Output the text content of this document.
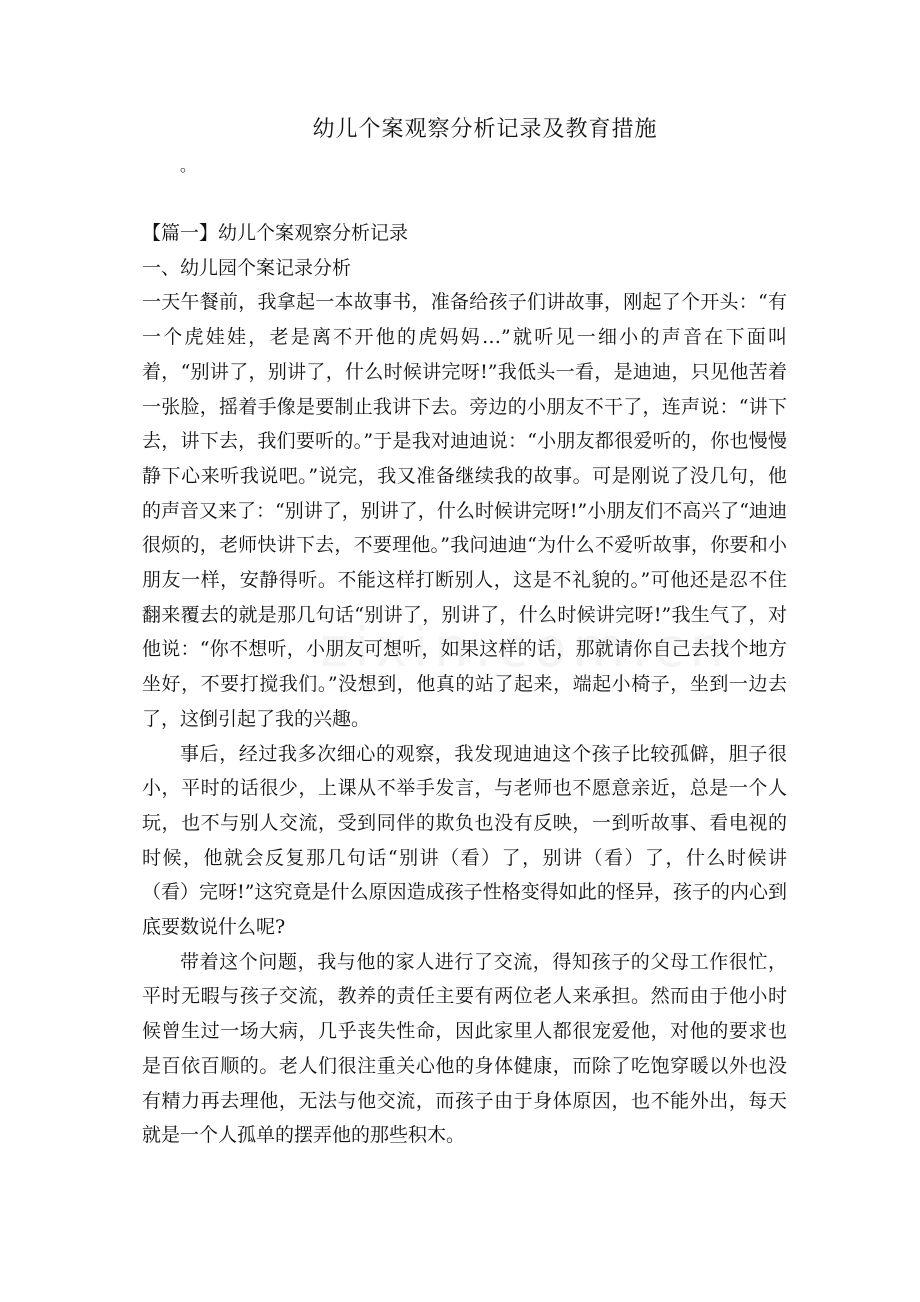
幼儿个案观察分析记录及教育措施
。

【篇一】幼儿个案观察分析记录

一、幼儿园个案记录分析

一天午餐前，我拿起一本故事书，准备给孩子们讲故事，刚起了个开头：“有一个虎娃娃，老是离不开他的虎妈妈…”就听见一细小的声音在下面叫着，“别讲了，别讲了，什么时候讲完呀!”我低头一看，是迪迪，只见他苦着一张脸，摇着手像是要制止我讲下去。旁边的小朋友不干了，连声说：“讲下去，讲下去，我们要听的。”于是我对迪迪说：“小朋友都很爱听的，你也慢慢静下心来听我说吧。”说完，我又准备继续我的故事。可是刚说了没几句，他的声音又来了：“别讲了，别讲了，什么时候讲完呀!”小朋友们不高兴了“迪迪很烦的，老师快讲下去，不要理他。”我问迪迪“为什么不爱听故事，你要和小朋友一样，安静得听。不能这样打断别人，这是不礼貌的。”可他还是忍不住翻来覆去的就是那几句话“别讲了，别讲了，什么时候讲完呀!”我生气了，对他说：“你不想听，小朋友可想听，如果这样的话，那就请你自己去找个地方坐好，不要打搅我们。”没想到，他真的站了起来，端起小椅子，坐到一边去了，这倒引起了我的兴趣。

事后，经过我多次细心的观察，我发现迪迪这个孩子比较孤僻，胆子很小，平时的话很少，上课从不举手发言，与老师也不愿意亲近，总是一个人玩，也不与别人交流，受到同伴的欺负也没有反映，一到听故事、看电视的时候，他就会反复那几句话“别讲（看）了，别讲（看）了，什么时候讲（看）完呀!”这究竟是什么原因造成孩子性格变得如此的怪异，孩子的内心到底要数说什么呢?

带着这个问题，我与他的家人进行了交流，得知孩子的父母工作很忙，平时无暇与孩子交流，教养的责任主要有两位老人来承担。然而由于他小时候曾生过一场大病，几乎丧失性命，因此家里人都很宠爱他，对他的要求也是百依百顺的。老人们很注重关心他的身体健康，而除了吃饱穿暖以外也没有精力再去理他，无法与他交流，而孩子由于身体原因，也不能外出，每天就是一个人孤单的摆弄他的那些积木。
